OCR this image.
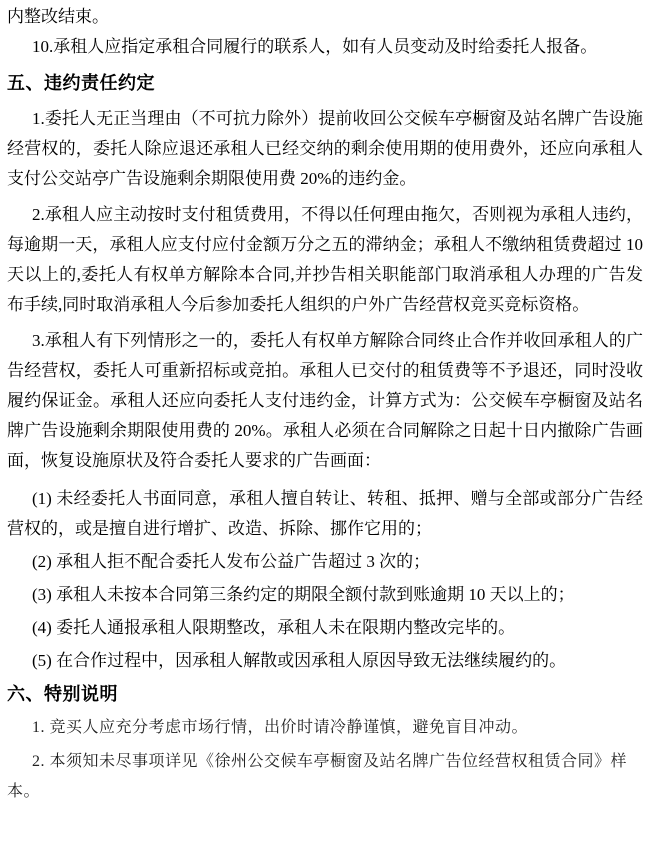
内整改结束。

10.承租人应指定承租合同履行的联系人，如有人员变动及时给委托人报备。

五、违约责任约定

1.委托人无正当理由（不可抗力除外）提前收回公交候车亭橱窗及站名牌广告设施经营权的，委托人除应退还承租人已经交纳的剩余使用期的使用费外，还应向承租人支付公交站亭广告设施剩余期限使用费 20%的违约金。

2.承租人应主动按时支付租赁费用，不得以任何理由拖欠，否则视为承租人违约，每逾期一天，承租人应支付应付金额万分之五的滞纳金；承租人不缴纳租赁费超过 10 天以上的,委托人有权单方解除本合同,并抄告相关职能部门取消承租人办理的广告发布手续,同时取消承租人今后参加委托人组织的户外广告经营权竞买竞标资格。

3.承租人有下列情形之一的，委托人有权单方解除合同终止合作并收回承租人的广告经营权，委托人可重新招标或竞拍。承租人已交付的租赁费等不予退还，同时没收履约保证金。承租人还应向委托人支付违约金，计算方式为：公交候车亭橱窗及站名牌广告设施剩余期限使用费的 20%。承租人必须在合同解除之日起十日内撤除广告画面，恢复设施原状及符合委托人要求的广告画面：

(1) 未经委托人书面同意，承租人擅自转让、转租、抵押、赠与全部或部分广告经营权的，或是擅自进行增扩、改造、拆除、挪作它用的；

(2) 承租人拒不配合委托人发布公益广告超过 3 次的；

(3) 承租人未按本合同第三条约定的期限全额付款到账逾期 10 天以上的；

(4) 委托人通报承租人限期整改，承租人未在限期内整改完毕的。

(5) 在合作过程中，因承租人解散或因承租人原因导致无法继续履约的。

六、特别说明

1. 竞买人应充分考虑市场行情，出价时请冷静谨慎，避免盲目冲动。

2. 本须知未尽事项详见《徐州公交候车亭橱窗及站名牌广告位经营权租赁合同》样本。
